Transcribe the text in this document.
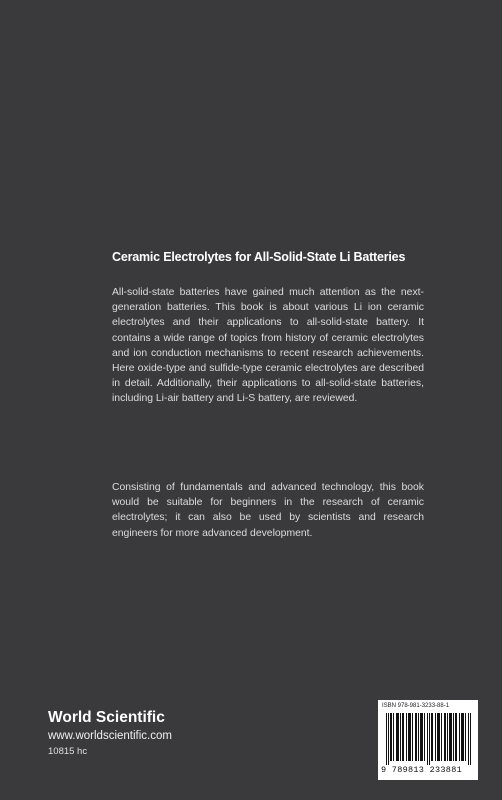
Ceramic Electrolytes for All-Solid-State Li Batteries
All-solid-state batteries have gained much attention as the next-generation batteries. This book is about various Li ion ceramic electrolytes and their applications to all-solid-state battery. It contains a wide range of topics from history of ceramic electrolytes and ion conduction mechanisms to recent research achievements. Here oxide-type and sulfide-type ceramic electrolytes are described in detail. Additionally, their applications to all-solid-state batteries, including Li-air battery and Li-S battery, are reviewed.
Consisting of fundamentals and advanced technology, this book would be suitable for beginners in the research of ceramic electrolytes; it can also be used by scientists and research engineers for more advanced development.
World Scientific
www.worldscientific.com
10815 hc
ISBN 978-981-3233-88-1
9 789813 233881
